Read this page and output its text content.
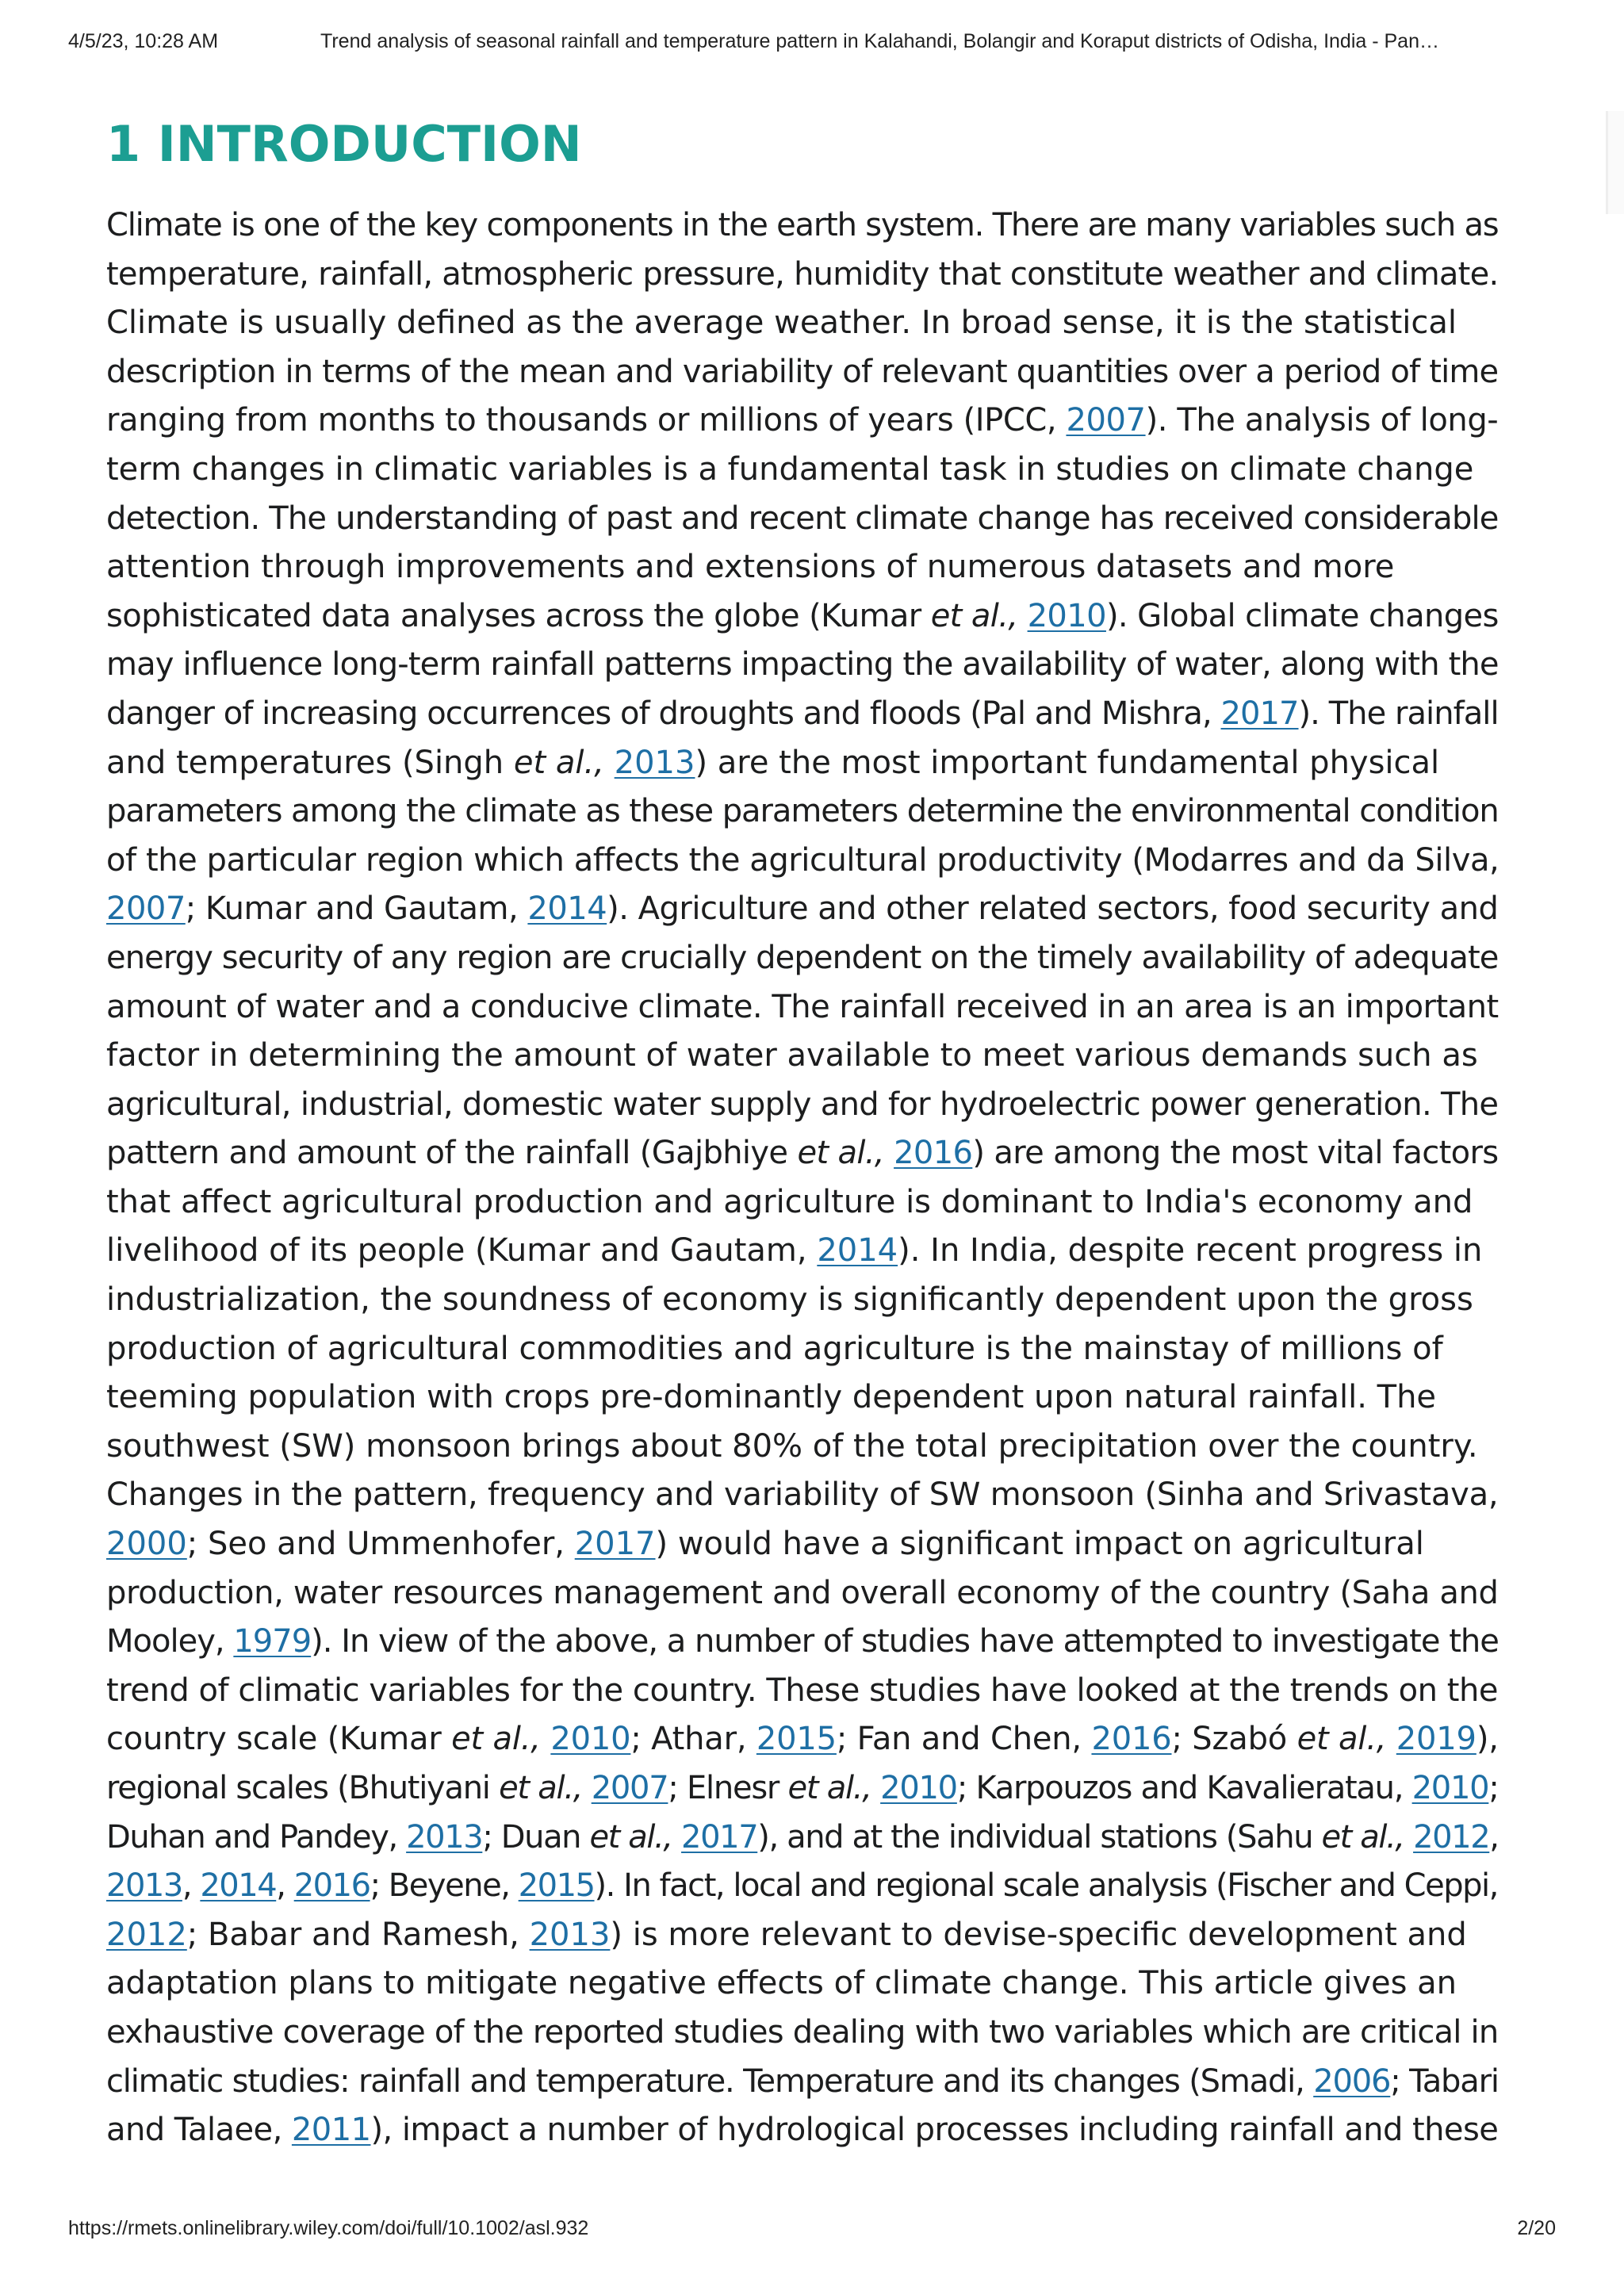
4/5/23, 10:28 AM	Trend analysis of seasonal rainfall and temperature pattern in Kalahandi, Bolangir and Koraput districts of Odisha, India - Pan…
1 INTRODUCTION
Climate is one of the key components in the earth system. There are many variables such as
temperature, rainfall, atmospheric pressure, humidity that constitute weather and climate.
Climate is usually defined as the average weather. In broad sense, it is the statistical
description in terms of the mean and variability of relevant quantities over a period of time
ranging from months to thousands or millions of years (IPCC, 2007). The analysis of long-
term changes in climatic variables is a fundamental task in studies on climate change
detection. The understanding of past and recent climate change has received considerable
attention through improvements and extensions of numerous datasets and more
sophisticated data analyses across the globe (Kumar et al., 2010). Global climate changes
may influence long-term rainfall patterns impacting the availability of water, along with the
danger of increasing occurrences of droughts and floods (Pal and Mishra, 2017). The rainfall
and temperatures (Singh et al., 2013) are the most important fundamental physical
parameters among the climate as these parameters determine the environmental condition
of the particular region which affects the agricultural productivity (Modarres and da Silva,
2007; Kumar and Gautam, 2014). Agriculture and other related sectors, food security and
energy security of any region are crucially dependent on the timely availability of adequate
amount of water and a conducive climate. The rainfall received in an area is an important
factor in determining the amount of water available to meet various demands such as
agricultural, industrial, domestic water supply and for hydroelectric power generation. The
pattern and amount of the rainfall (Gajbhiye et al., 2016) are among the most vital factors
that affect agricultural production and agriculture is dominant to India's economy and
livelihood of its people (Kumar and Gautam, 2014). In India, despite recent progress in
industrialization, the soundness of economy is significantly dependent upon the gross
production of agricultural commodities and agriculture is the mainstay of millions of
teeming population with crops pre-dominantly dependent upon natural rainfall. The
southwest (SW) monsoon brings about 80% of the total precipitation over the country.
Changes in the pattern, frequency and variability of SW monsoon (Sinha and Srivastava,
2000; Seo and Ummenhofer, 2017) would have a significant impact on agricultural
production, water resources management and overall economy of the country (Saha and
Mooley, 1979). In view of the above, a number of studies have attempted to investigate the
trend of climatic variables for the country. These studies have looked at the trends on the
country scale (Kumar et al., 2010; Athar, 2015; Fan and Chen, 2016; Szabó et al., 2019),
regional scales (Bhutiyani et al., 2007; Elnesr et al., 2010; Karpouzos and Kavalieratau, 2010;
Duhan and Pandey, 2013; Duan et al., 2017), and at the individual stations (Sahu et al., 2012,
2013, 2014, 2016; Beyene, 2015). In fact, local and regional scale analysis (Fischer and Ceppi,
2012; Babar and Ramesh, 2013) is more relevant to devise-specific development and
adaptation plans to mitigate negative effects of climate change. This article gives an
exhaustive coverage of the reported studies dealing with two variables which are critical in
climatic studies: rainfall and temperature. Temperature and its changes (Smadi, 2006; Tabari
and Talaee, 2011), impact a number of hydrological processes including rainfall and these
https://rmets.onlinelibrary.wiley.com/doi/full/10.1002/asl.932	2/20
